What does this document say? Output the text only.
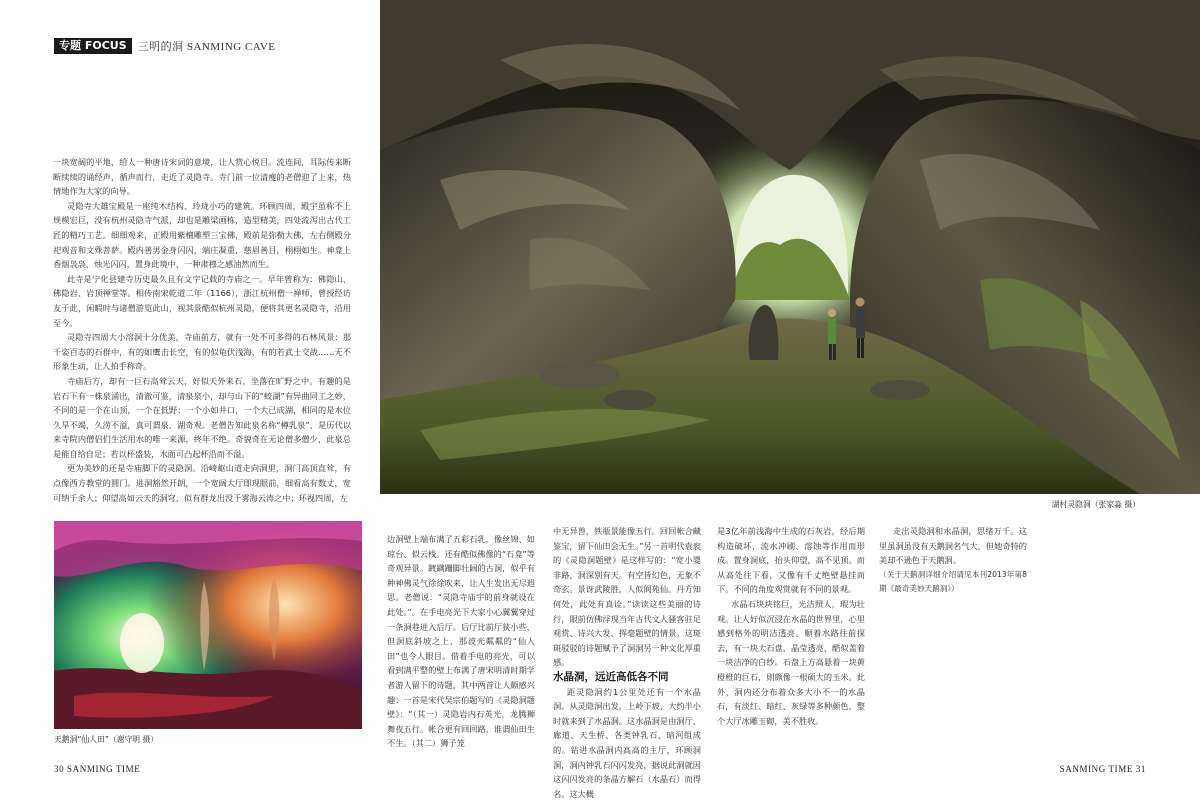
专题 FOCUS	三明的洞 SANMING CAVE
湖村灵隐洞（张家淼 摄）

一块宽阔的平地，给人一种唐诗宋词的意境，让人赏心悦目。流连间，耳际传来断断续续的诵经声，循声而行，走近了灵隐寺。寺门前一位清瘦的老僧迎了上来，热情地作为大家的向导。

灵隐寺大雄宝殿是一座纯木结构、玲珑小巧的建筑。环顾四周，殿宇虽称不上规模宏巨，没有杭州灵隐寺气派，却也是雕梁画栋，造型精美，四处流泻出古代工匠的精巧工艺。细细观来，正殿用紫檀雕塑三宝佛，殿前是弥勒大佛，左右侧殿分祀观音和文殊菩萨。殿内善男金身闪闪，端庄凝重，慈眉善目，栩栩如生。神龛上香烟袅袅，烛光闪闪，置身此境中，一种肃穆之感油然而生。

此寺是宁化县建寺历史最久且有文字记载的寺庙之一。早年曾称为：佛隐山、佛隐岩、岩顶禅堂等。相传南宋乾道二年（1166），浙江杭州僧一禅师，曾授经访友于此，闲暇时与诸僧游览此山，视其景酷似杭州灵隐，便将其更名灵隐寺，沿用至今。

灵隐寺四周大小溶洞十分优美，寺庙前方，就有一处不可多得的石林风景：那千姿百态的石群中，有的如鹰击长空，有的似龟伏浅海，有的若武士交战……无不形象生动，让人拍手称奇。

寺庙后方，却有一巨石高耸云天，好似天外来石，坐落在旷野之中。有趣的是岩石下有一株泉涌出，清澈可鉴，清泉泉小，却与山下的“蛟湖”有异曲同工之妙，不同的是一个在山顶，一个在低野；一个小如井口，一个大已成湖，相同的是水位久旱不竭，久涝不溢，真可谓泉、湖奇观。老僧告知此泉名称“樽乳泉”，是历代以来寺院内僧侣们生活用水的唯一来源，终年不绝。奇貌奇在无论僧多僧少，此泉总是能自给自足；若以杯盛装，水面可凸起杯沿而不溢。

更为美妙的还是寺庙脚下的灵隐洞。沿崎岖山道走向洞里，洞门高顶直耸，有点像西方教堂的圆门。进洞豁然开朗，一个宽阔大厅即现眼前，细看高有数丈，宽可纳千余人；仰望高如云天的洞穹，似有群龙出没于雾海云涛之中；环视四周，左

天鹅洞“仙人田”（谢守明 摄）

边洞壁上端布满了五彩石乳，像丝锦、如琼台、似云栈。还有酷似佛像的“石龛”等奇观异景。踱蹒跚脚壮阔的古洞，似乎有种神佛灵气徐徐吹来，让人生发出无尽遐思。老僧说：“灵隐寺庙宇的前身就设在此处。”。在手电亮光下大家小心翼翼穿过一条洞巷进入后厅。后厅比前厅狭小些，但洞底斜坡之上，那波光粼粼的“仙人田”也令人眼目。借着手电的亮光，可以看到满平整的壁上布满了唐宋明清时期学者游人留下的诗题，其中两首让人颇感兴趣：一首是宋代吴宗伯题写的《灵隐洞题壁》：“（其一）灵隐岩内石英光，龙腾狮舞夜五行。帐合更有回回路，谁谓仙田生不生。（其二）狮子笼

中无异兽，铁瓶景能像五行。回回帐合藏鉴宝，留下仙田会无生。”另一首明代袁衮的《灵隐洞题壁》是这样写的：“宽小婴非路，洞深别有天。有空皆幻色，无象不奇玄。景讶武陵胜，人似阆苑仙。丹方知何处，此处有真诠。”读读这些美丽的诗行，眼前仿佛浮现当年古代文人骚客驻足观赏、诗兴大发、挥毫题壁的情景。这斑斑驳驳的诗题赋予了洞洞另一种文化厚重感。

水晶洞，远近高低各不同

距灵隐洞约1公里处还有一个水晶洞。从灵隐洞出发，上岭下坡，大约半小时就来到了水晶洞。这水晶洞是由洞厅、廊道、天生桥、各类钟乳石、暗河组成的。钻进水晶洞内高高的主厅，环顾洞洞，洞内钟乳石闪闪发亮，据说此洞就因这闪闪发亮的条晶方解石（水晶石）而得名。这大概

是3亿年前浅海中生成的石灰岩，经后期构造破坏，流水冲刷、溶蚀等作用而形成。置身洞底，抬头仰望，高不见顶。而从高处往下看，又像有千丈绝壁悬挂而下。不同的角度观赏就有不同的景观。

水晶石块块铭巨，光洁照人，瑕为壮观。让人好似沉浸在水晶的世界里，心里感到格外的明洁透亮。顺着水路往前探去，有一块大石盘，晶莹透亮，酷似盖着一块洁净的白纱。石盘上方高悬着一块黄橙橙的巨石，則颇像一根硕大的玉米。此外，洞内还分布着众多大小不一的水晶石，有淡红、暗红、灰绿等多种颜色，整个大厅冰雕玉砌，美不胜收。

走出灵隐洞和水晶洞，思绪万千。这里虽洞虽没有天鹅洞名气大，但她奇特的美却不逊色于天鹅洞。

（关于天鹅洞详细介绍请见本刊2013年第8期《最奇美妙天鹅洞》）

30 SANMING TIME	SANMING TIME 31
